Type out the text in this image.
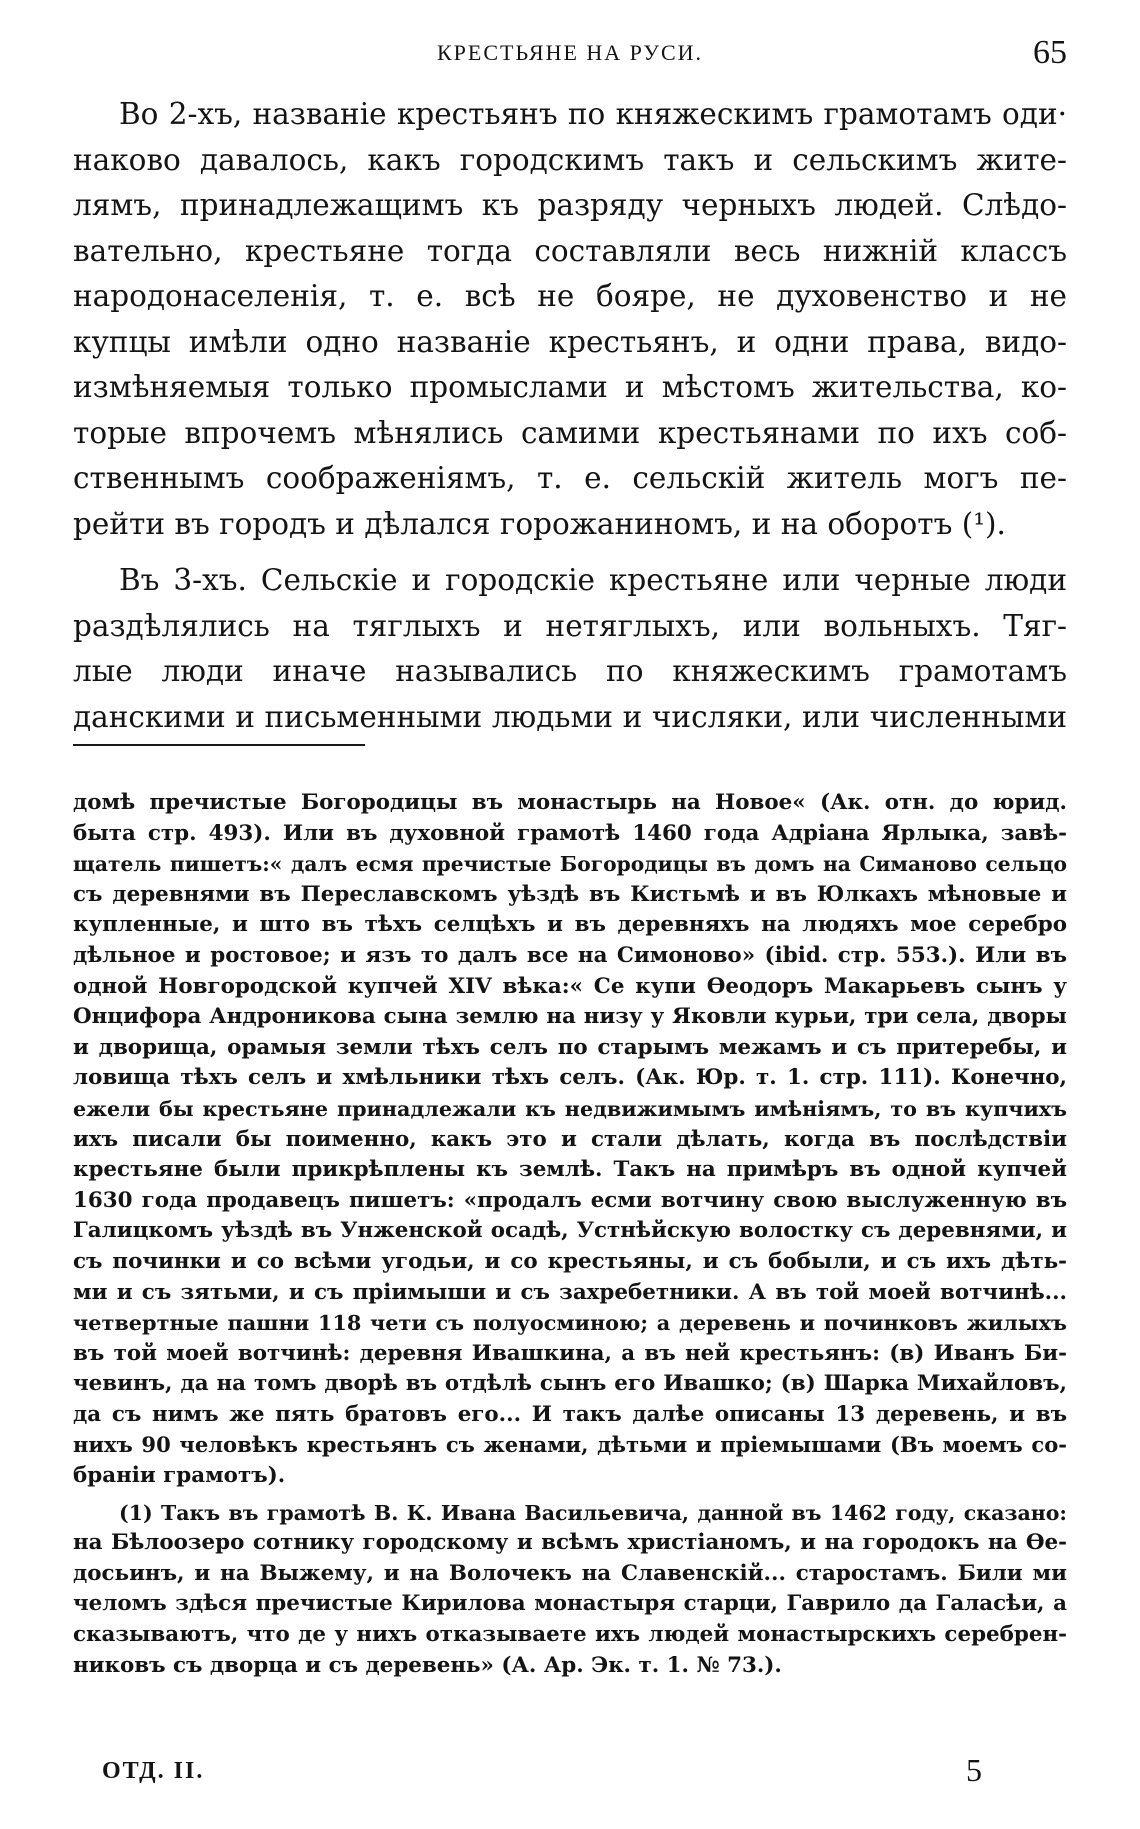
КРЕСТЬЯНЕ НА РУСИ.	65

Во 2-хъ, названіе крестьянъ по княжескимъ грамотамъ оди·
наково давалось, какъ городскимъ такъ и сельскимъ жите-
лямъ, принадлежащимъ къ разряду черныхъ людей. Слѣдо-
вательно, крестьяне тогда составляли весь нижній классъ
народонаселенія, т. е. всѣ не бояре, не духовенство и не
купцы имѣли одно названіе крестьянъ, и одни права, видо-
измѣняемыя только промыслами и мѣстомъ жительства, ко-
торые впрочемъ мѣнялись самими крестьянами по ихъ соб-
ственнымъ соображеніямъ, т. е. сельскій житель могъ пе-
рейти въ городъ и дѣлался горожаниномъ, и на оборотъ (¹).

Въ 3-хъ. Сельскіе и городскіе крестьяне или черные люди
раздѣлялись на тяглыхъ и нетяглыхъ, или вольныхъ. Тяг-
лые люди иначе назывались по княжескимъ грамотамъ
данскими и письменными людьми и числяки, или численными

домѣ пречистые Богородицы въ монастырь на Новое« (Ак. отн. до юрид.
быта стр. 493). Или въ духовной грамотѣ 1460 года Адріана Ярлыка, завѣ-
щатель пишетъ:« далъ есмя пречистые Богородицы въ домъ на Симаново сельцо
съ деревнями въ Переславскомъ уѣздѣ въ Кистьмѣ и въ Юлкахъ мѣновые и
купленные, и што въ тѣхъ селцѣхъ и въ деревняхъ на людяхъ мое серебро
дѣльное и ростовое; и язъ то далъ все на Симоново» (ibid. стр. 553.). Или въ
одной Новгородской купчей XIV вѣка:« Се купи Ѳеодоръ Макарьевъ сынъ у
Онцифора Андроникова сына землю на низу у Яковли курьи, три села, дворы
и дворища, орамыя земли тѣхъ селъ по старымъ межамъ и съ притеребы, и
ловища тѣхъ селъ и хмѣльники тѣхъ селъ. (Ак. Юр. т. 1. стр. 111). Конечно,
ежели бы крестьяне принадлежали къ недвижимымъ имѣніямъ, то въ купчихъ
ихъ писали бы поименно, какъ это и стали дѣлать, когда въ послѣдствіи
крестьяне были прикрѣплены къ землѣ. Такъ на примѣръ въ одной купчей
1630 года продавецъ пишетъ: «продалъ есми вотчину свою выслуженную въ
Галицкомъ уѣздѣ въ Унженской осадѣ, Устнѣйскую волостку съ деревнями, и
съ починки и со всѣми угодьи, и со крестьяны, и съ бобыли, и съ ихъ дѣть-
ми и съ зятьми, и съ пріимыши и съ захребетники. А въ той моей вотчинѣ...
четвертные пашни 118 чети съ полуосминою; а деревень и починковъ жилыхъ
въ той моей вотчинѣ: деревня Ивашкина, а въ ней крестьянъ: (в) Иванъ Би-
чевинъ, да на томъ дворѣ въ отдѣлѣ сынъ его Ивашко; (в) Шарка Михайловъ,
да съ нимъ же пять братовъ его... И такъ далѣе описаны 13 деревень, и въ
нихъ 90 человѣкъ крестьянъ съ женами, дѣтьми и пріемышами (Въ моемъ со-
браніи грамотъ).
(1) Такъ въ грамотѣ В. К. Ивана Васильевича, данной въ 1462 году, сказано:
на Бѣлоозеро сотнику городскому и всѣмъ христіаномъ, и на городокъ на Ѳе-
досьинъ, и на Выжему, и на Волочекъ на Славенскій... старостамъ. Били ми
челомъ здѣся пречистые Кирилова монастыря старци, Гаврило да Галасѣи, а
сказываютъ, что де у нихъ отказываете ихъ людей монастырскихъ серебрен-
никовъ съ дворца и съ деревень» (А. Ар. Эк. т. 1. № 73.).
ОТД. II.	5
